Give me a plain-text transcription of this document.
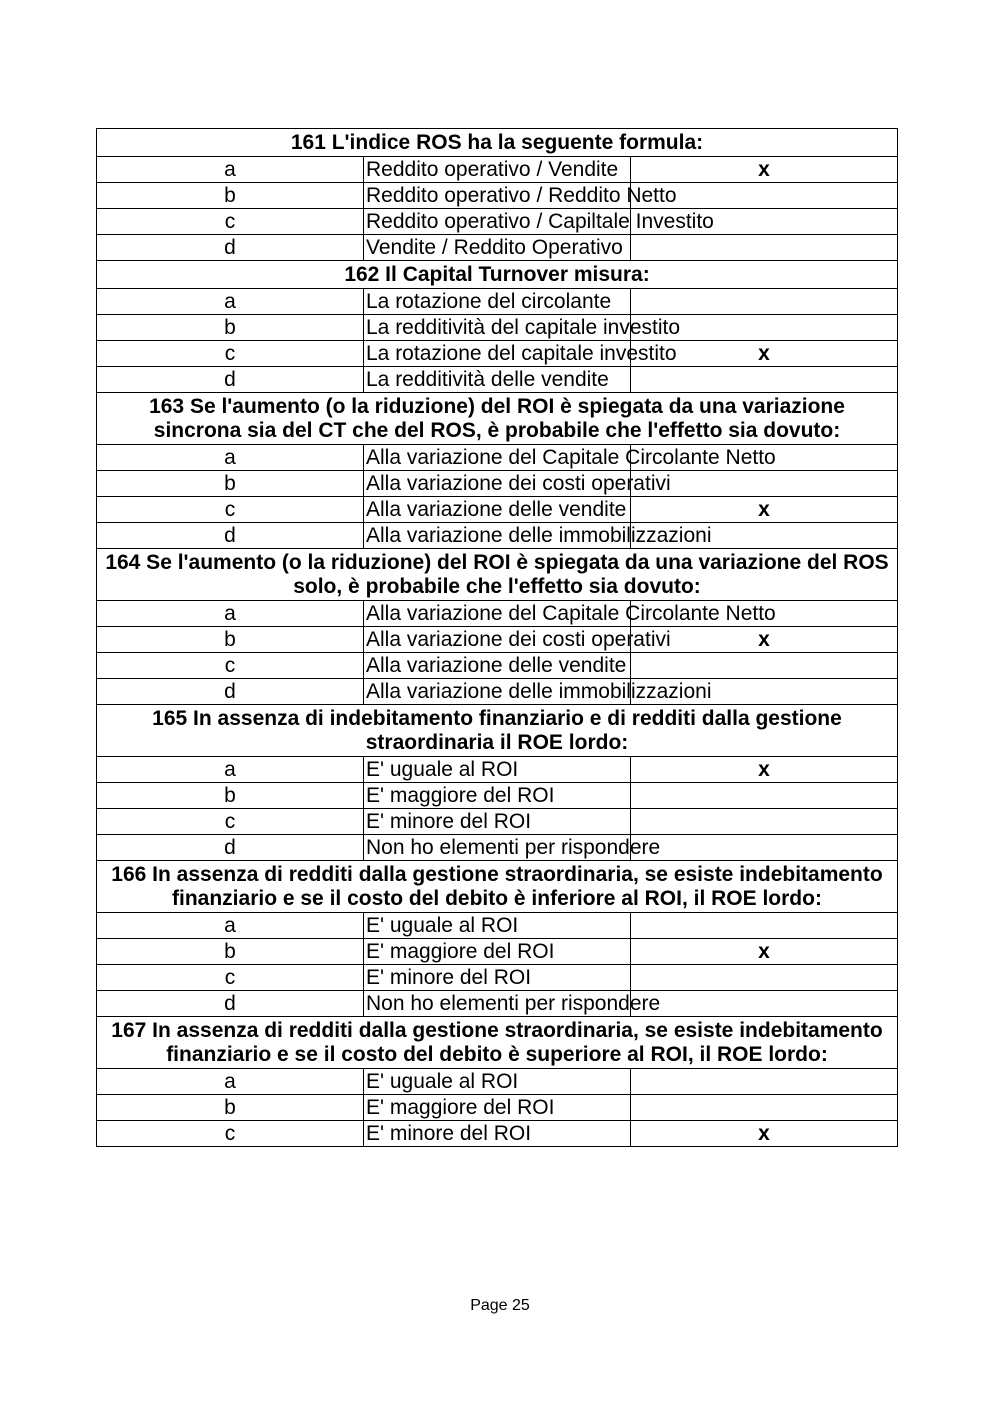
161 L'indice ROS ha la seguente formula:		
a	Reddito operativo / Vendite	x
b	Reddito operativo / Reddito Netto	
c	Reddito operativo / Capiltale Investito	
d	Vendite / Reddito Operativo	
162 Il Capital Turnover misura:		
a	La rotazione del circolante	
b	La redditività del capitale investito	
c	La rotazione del capitale investito	x
d	La redditività delle vendite	
163 Se l'aumento (o la riduzione) del ROI è spiegata da una variazione sincrona sia del CT che del ROS, è probabile che l'effetto sia dovuto:		
a	Alla variazione del Capitale Circolante Netto	
b	Alla variazione dei costi operativi	
c	Alla variazione delle vendite	x
d	Alla variazione delle immobilizzazioni	
164 Se l'aumento (o la riduzione) del ROI è spiegata da una variazione del ROS solo, è probabile che l'effetto sia dovuto:		
a	Alla variazione del Capitale Circolante Netto	
b	Alla variazione dei costi operativi	x
c	Alla variazione delle vendite	
d	Alla variazione delle immobilizzazioni	
165 In assenza di indebitamento finanziario e di redditi dalla gestione straordinaria il ROE lordo:		
a	E' uguale al ROI	x
b	E' maggiore del ROI	
c	E' minore del ROI	
d	Non ho elementi per rispondere	
166 In assenza di redditi dalla gestione straordinaria, se esiste indebitamento finanziario e se il costo del debito è inferiore al ROI, il ROE lordo:		
a	E' uguale al ROI	
b	E' maggiore del ROI	x
c	E' minore del ROI	
d	Non ho elementi per rispondere	
167 In assenza di redditi dalla gestione straordinaria, se esiste indebitamento finanziario e se il costo del debito è superiore al ROI, il ROE lordo:		
a	E' uguale al ROI	
b	E' maggiore del ROI	
c	E' minore del ROI	x
Page 25
